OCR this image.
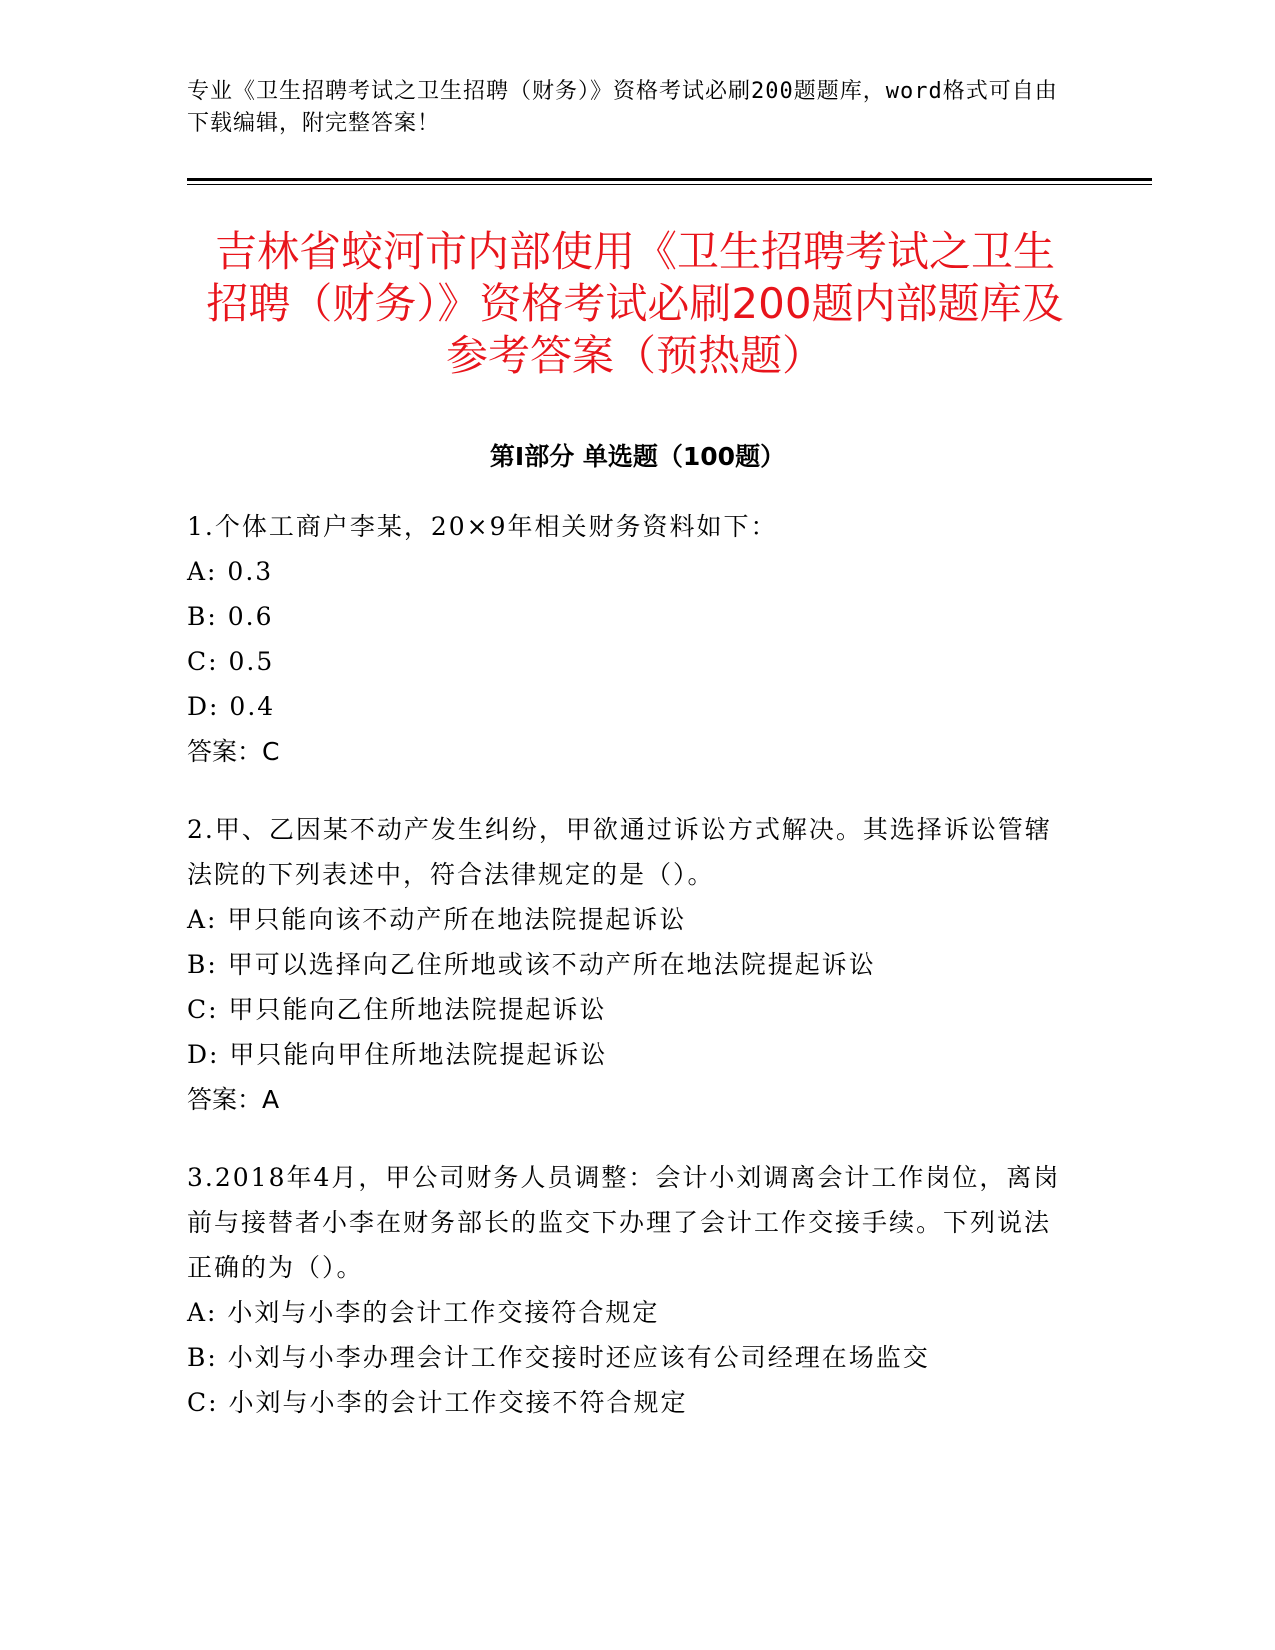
专业《卫生招聘考试之卫生招聘（财务）》资格考试必刷200题题库，word格式可自由下载编辑，附完整答案！

吉林省蛟河市内部使用《卫生招聘考试之卫生招聘（财务）》资格考试必刷200题内部题库及参考答案（预热题）
第Ⅰ部分 单选题（100题）

1.个体工商户李某，20×9年相关财务资料如下：

A: 0.3

B: 0.6

C: 0.5

D: 0.4

答案：C

2.甲、乙因某不动产发生纠纷，甲欲通过诉讼方式解决。其选择诉讼管辖法院的下列表述中，符合法律规定的是（）。

A: 甲只能向该不动产所在地法院提起诉讼

B: 甲可以选择向乙住所地或该不动产所在地法院提起诉讼

C: 甲只能向乙住所地法院提起诉讼

D: 甲只能向甲住所地法院提起诉讼

答案：A

3.2018年4月，甲公司财务人员调整：会计小刘调离会计工作岗位，离岗前与接替者小李在财务部长的监交下办理了会计工作交接手续。下列说法正确的为（）。

A: 小刘与小李的会计工作交接符合规定

B: 小刘与小李办理会计工作交接时还应该有公司经理在场监交

C: 小刘与小李的会计工作交接不符合规定
